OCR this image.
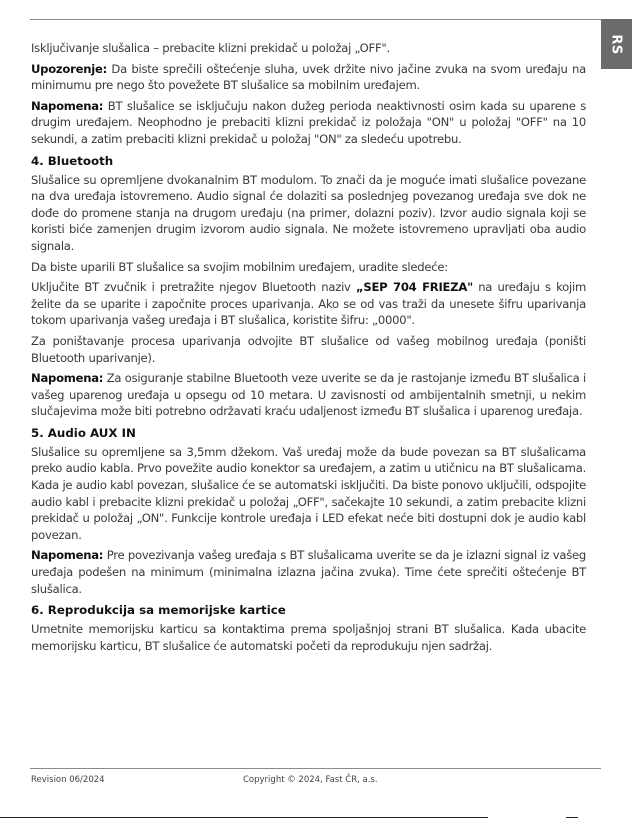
RS

Isključivanje slušalica – prebacite klizni prekidač u položaj „OFF".

Upozorenje: Da biste sprečili oštećenje sluha, uvek držite nivo jačine zvuka na svom uređaju na minimumu pre nego što povežete BT slušalice sa mobilnim uređajem.

Napomena: BT slušalice se isključuju nakon dužeg perioda neaktivnosti osim kada su uparene s drugim uređajem. Neophodno je prebaciti klizni prekidač iz položaja "ON" u položaj "OFF" na 10 sekundi, a zatim prebaciti klizni prekidač u položaj "ON" za sledeću upotrebu.

4. Bluetooth

Slušalice su opremljene dvokanalnim BT modulom. To znači da je moguće imati slušalice povezane na dva uređaja istovremeno. Audio signal će dolaziti sa poslednjeg povezanog uređaja sve dok ne dođe do promene stanja na drugom uređaju (na primer, dolazni poziv). Izvor audio signala koji se koristi biće zamenjen drugim izvorom audio signala. Ne možete istovremeno upravljati oba audio signala.

Da biste uparili BT slušalice sa svojim mobilnim uređajem, uradite sledeće:

Uključite BT zvučnik i pretražite njegov Bluetooth naziv „SEP 704 FRIEZA" na uređaju s kojim želite da se uparite i započnite proces uparivanja. Ako se od vas traži da unesete šifru uparivanja tokom uparivanja vašeg uređaja i BT slušalica, koristite šifru: „0000".

Za poništavanje procesa uparivanja odvojite BT slušalice od vašeg mobilnog uređaja (poništi Bluetooth uparivanje).

Napomena: Za osiguranje stabilne Bluetooth veze uverite se da je rastojanje između BT slušalica i vašeg uparenog uređaja u opsegu od 10 metara. U zavisnosti od ambijentalnih smetnji, u nekim slučajevima može biti potrebno održavati kraću udaljenost između BT slušalica i uparenog uređaja.

5. Audio AUX IN

Slušalice su opremljene sa 3,5mm džekom. Vaš uređaj može da bude povezan sa BT slušalicama preko audio kabla. Prvo povežite audio konektor sa uređajem, a zatim u utičnicu na BT slušalicama. Kada je audio kabl povezan, slušalice će se automatski isključiti. Da biste ponovo uključili, odspojite audio kabl i prebacite klizni prekidač u položaj „OFF", sačekajte 10 sekundi, a zatim prebacite klizni prekidač u položaj „ON". Funkcije kontrole uređaja i LED efekat neće biti dostupni dok je audio kabl povezan.

Napomena: Pre povezivanja vašeg uređaja s BT slušalicama uverite se da je izlazni signal iz vašeg uređaja podešen na minimum (minimalna izlazna jačina zvuka). Time ćete sprečiti oštećenje BT slušalica.

6. Reprodukcija sa memorijske kartice

Umetnite memorijsku karticu sa kontaktima prema spoljašnjoj strani BT slušalica. Kada ubacite memorijsku karticu, BT slušalice će automatski početi da reprodukuju njen sadržaj.

Revision 06/2024	Copyright © 2024, Fast ČR, a.s.
